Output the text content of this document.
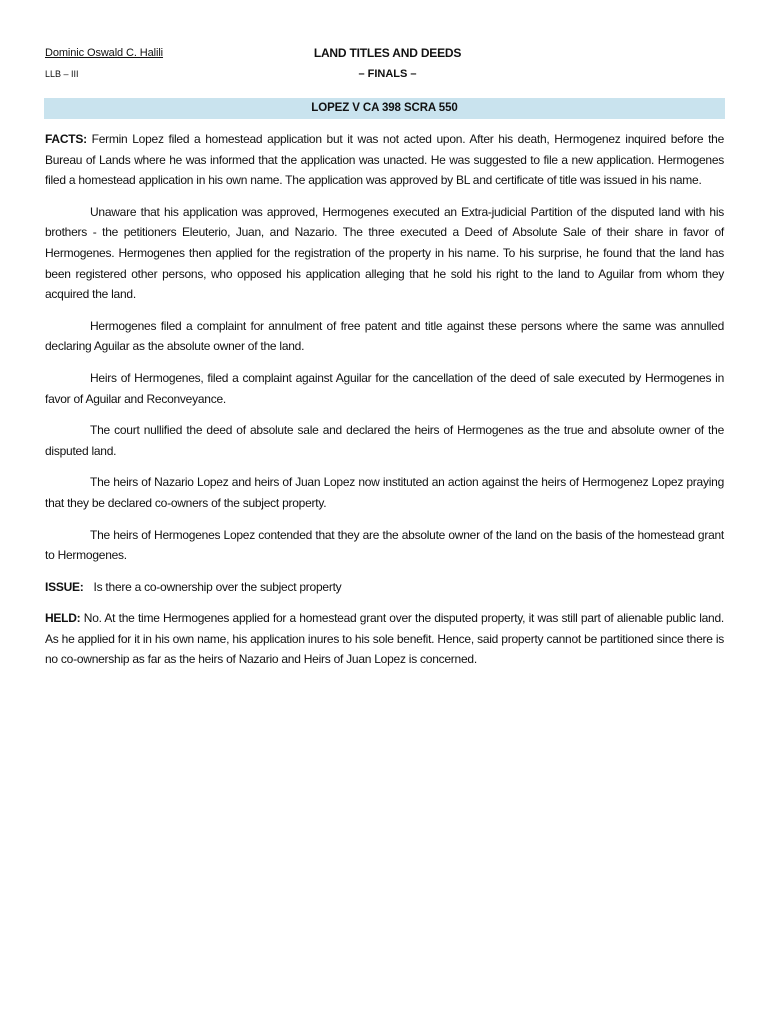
Dominic Oswald C. Halili
LLB – III
LAND TITLES AND DEEDS
– FINALS –
LOPEZ V CA 398 SCRA 550

FACTS: Fermin Lopez filed a homestead application but it was not acted upon. After his death, Hermogenez inquired before the Bureau of Lands where he was informed that the application was unacted. He was suggested to file a new application. Hermogenes filed a homestead application in his own name. The application was approved by BL and certificate of title was issued in his name.

Unaware that his application was approved, Hermogenes executed an Extra-judicial Partition of the disputed land with his brothers - the petitioners Eleuterio, Juan, and Nazario. The three executed a Deed of Absolute Sale of their share in favor of Hermogenes. Hermogenes then applied for the registration of the property in his name. To his surprise, he found that the land has been registered other persons, who opposed his application alleging that he sold his right to the land to Aguilar from whom they acquired the land.

Hermogenes filed a complaint for annulment of free patent and title against these persons where the same was annulled declaring Aguilar as the absolute owner of the land.

Heirs of Hermogenes, filed a complaint against Aguilar for the cancellation of the deed of sale executed by Hermogenes in favor of Aguilar and Reconveyance.

The court nullified the deed of absolute sale and declared the heirs of Hermogenes as the true and absolute owner of the disputed land.

The heirs of Nazario Lopez and heirs of Juan Lopez now instituted an action against the heirs of Hermogenez Lopez praying that they be declared co-owners of the subject property.

The heirs of Hermogenes Lopez contended that they are the absolute owner of the land on the basis of the homestead grant to Hermogenes.

ISSUE: Is there a co-ownership over the subject property

HELD: No. At the time Hermogenes applied for a homestead grant over the disputed property, it was still part of alienable public land. As he applied for it in his own name, his application inures to his sole benefit. Hence, said property cannot be partitioned since there is no co-ownership as far as the heirs of Nazario and Heirs of Juan Lopez is concerned.
